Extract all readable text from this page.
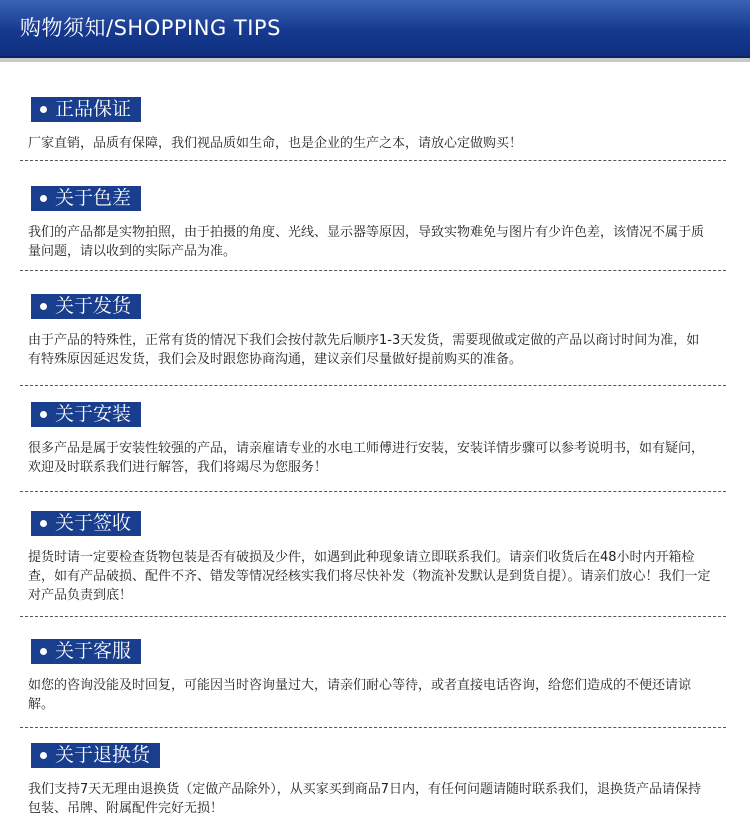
购物须知/SHOPPING TIPS
正品保证
厂家直销，品质有保障，我们视品质如生命，也是企业的生产之本，请放心定做购买！
关于色差
我们的产品都是实物拍照，由于拍摄的角度、光线、显示器等原因，导致实物难免与图片有少许色差，该情况不属于质量问题，请以收到的实际产品为准。
关于发货
由于产品的特殊性，正常有货的情况下我们会按付款先后顺序1-3天发货，需要现做或定做的产品以商讨时间为准，如有特殊原因延迟发货，我们会及时跟您协商沟通，建议亲们尽量做好提前购买的准备。
关于安装
很多产品是属于安装性较强的产品，请亲雇请专业的水电工师傅进行安装，安装详情步骤可以参考说明书，如有疑问，欢迎及时联系我们进行解答，我们将竭尽为您服务！
关于签收
提货时请一定要检查货物包装是否有破损及少件，如遇到此种现象请立即联系我们。请亲们收货后在48小时内开箱检查，如有产品破损、配件不齐、错发等情况经核实我们将尽快补发（物流补发默认是到货自提）。请亲们放心！我们一定对产品负责到底！
关于客服
如您的咨询没能及时回复，可能因当时咨询量过大，请亲们耐心等待，或者直接电话咨询，给您们造成的不便还请谅解。
关于退换货
我们支持7天无理由退换货（定做产品除外），从买家买到商品7日内，有任何问题请随时联系我们，退换货产品请保持包装、吊牌、附属配件完好无损！
